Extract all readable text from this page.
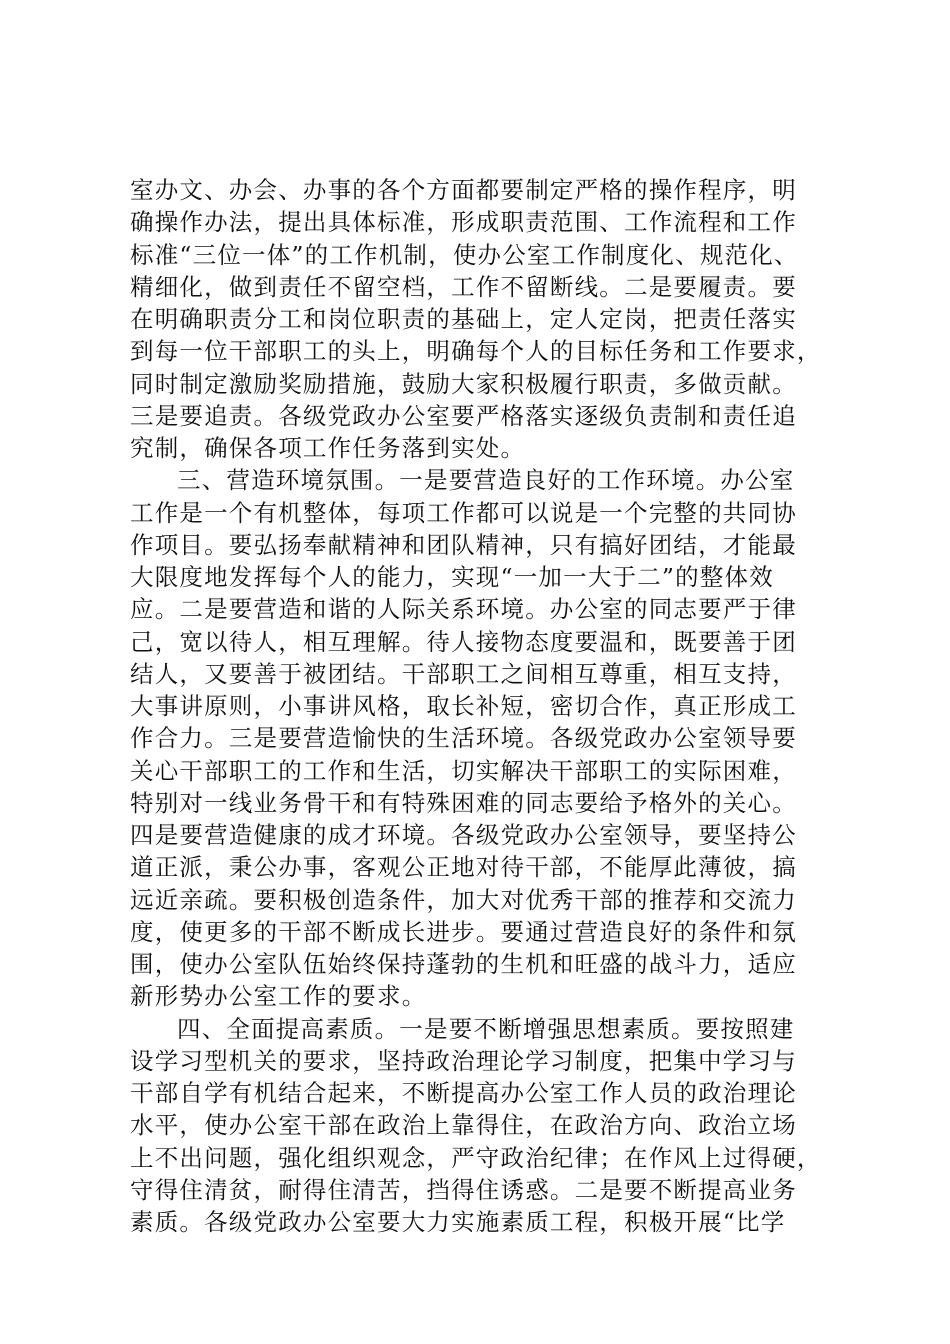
室办文、办会、办事的各个方面都要制定严格的操作程序，明
确操作办法，提出具体标准，形成职责范围、工作流程和工作
标准“三位一体”的工作机制，使办公室工作制度化、规范化、
精细化，做到责任不留空档，工作不留断线。二是要履责。要
在明确职责分工和岗位职责的基础上，定人定岗，把责任落实
到每一位干部职工的头上，明确每个人的目标任务和工作要求，
同时制定激励奖励措施，鼓励大家积极履行职责，多做贡献。
三是要追责。各级党政办公室要严格落实逐级负责制和责任追
究制，确保各项工作任务落到实处。
三、营造环境氛围。一是要营造良好的工作环境。办公室
工作是一个有机整体，每项工作都可以说是一个完整的共同协
作项目。要弘扬奉献精神和团队精神，只有搞好团结，才能最
大限度地发挥每个人的能力，实现“一加一大于二”的整体效
应。二是要营造和谐的人际关系环境。办公室的同志要严于律
己，宽以待人，相互理解。待人接物态度要温和，既要善于团
结人，又要善于被团结。干部职工之间相互尊重，相互支持，
大事讲原则，小事讲风格，取长补短，密切合作，真正形成工
作合力。三是要营造愉快的生活环境。各级党政办公室领导要
关心干部职工的工作和生活，切实解决干部职工的实际困难，
特别对一线业务骨干和有特殊困难的同志要给予格外的关心。
四是要营造健康的成才环境。各级党政办公室领导，要坚持公
道正派，秉公办事，客观公正地对待干部，不能厚此薄彼，搞
远近亲疏。要积极创造条件，加大对优秀干部的推荐和交流力
度，使更多的干部不断成长进步。要通过营造良好的条件和氛
围，使办公室队伍始终保持蓬勃的生机和旺盛的战斗力，适应
新形势办公室工作的要求。
四、全面提高素质。一是要不断增强思想素质。要按照建
设学习型机关的要求，坚持政治理论学习制度，把集中学习与
干部自学有机结合起来，不断提高办公室工作人员的政治理论
水平，使办公室干部在政治上靠得住，在政治方向、政治立场
上不出问题，强化组织观念，严守政治纪律；在作风上过得硬，
守得住清贫，耐得住清苦，挡得住诱惑。二是要不断提高业务
素质。各级党政办公室要大力实施素质工程，积极开展“比学
